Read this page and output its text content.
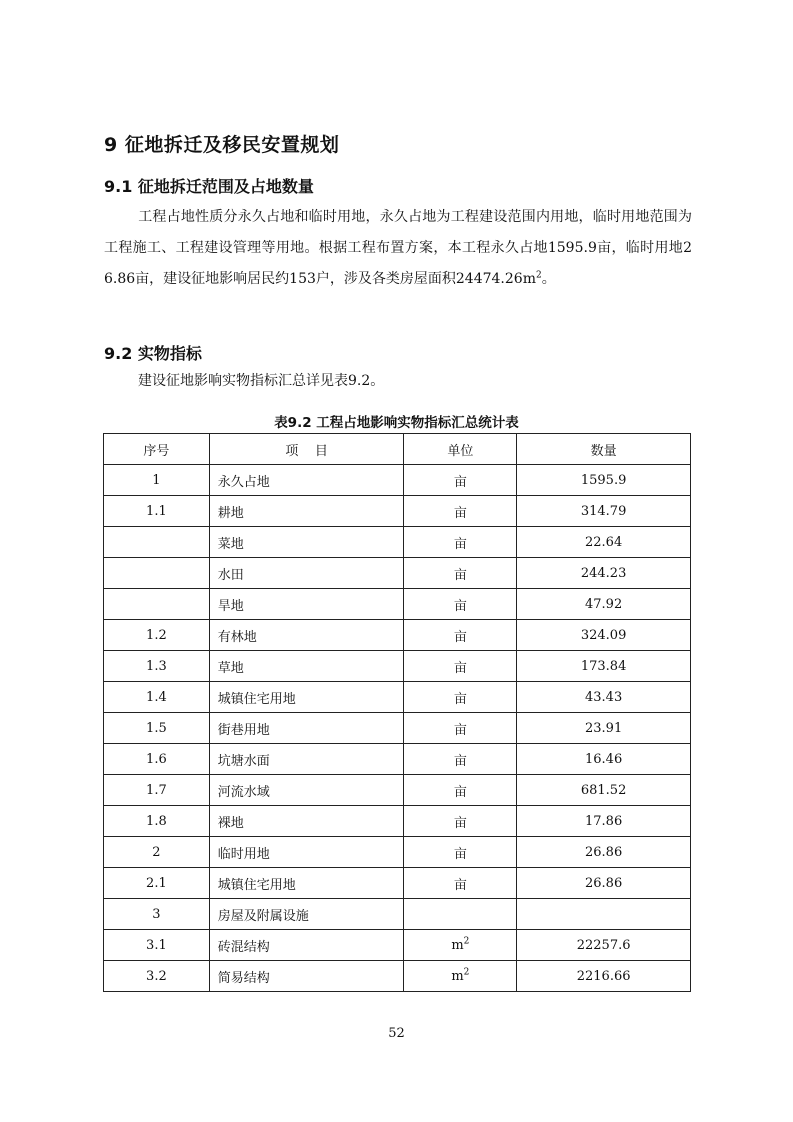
9 征地拆迁及移民安置规划
9.1 征地拆迁范围及占地数量
工程占地性质分永久占地和临时用地，永久占地为工程建设范围内用地，临时用地范围为工程施工、工程建设管理等用地。根据工程布置方案，本工程永久占地1595.9亩，临时用地26.86亩，建设征地影响居民约153户，涉及各类房屋面积$24474.26m^2$。
9.2 实物指标
建设征地影响实物指标汇总详见表9.2。
表9.2 工程占地影响实物指标汇总统计表
序号	项    目	单位	数量
1	永久占地	亩	1595.9
1.1	耕地	亩	314.79
	菜地	亩	22.64
	水田	亩	244.23
	旱地	亩	47.92
1.2	有林地	亩	324.09
1.3	草地	亩	173.84
1.4	城镇住宅用地	亩	43.43
1.5	街巷用地	亩	23.91
1.6	坑塘水面	亩	16.46
1.7	河流水域	亩	681.52
1.8	裸地	亩	17.86
2	临时用地	亩	26.86
2.1	城镇住宅用地	亩	26.86
3	房屋及附属设施		
3.1	砖混结构	$m^2$	22257.6
3.2	简易结构	$m^2$	2216.66
52
